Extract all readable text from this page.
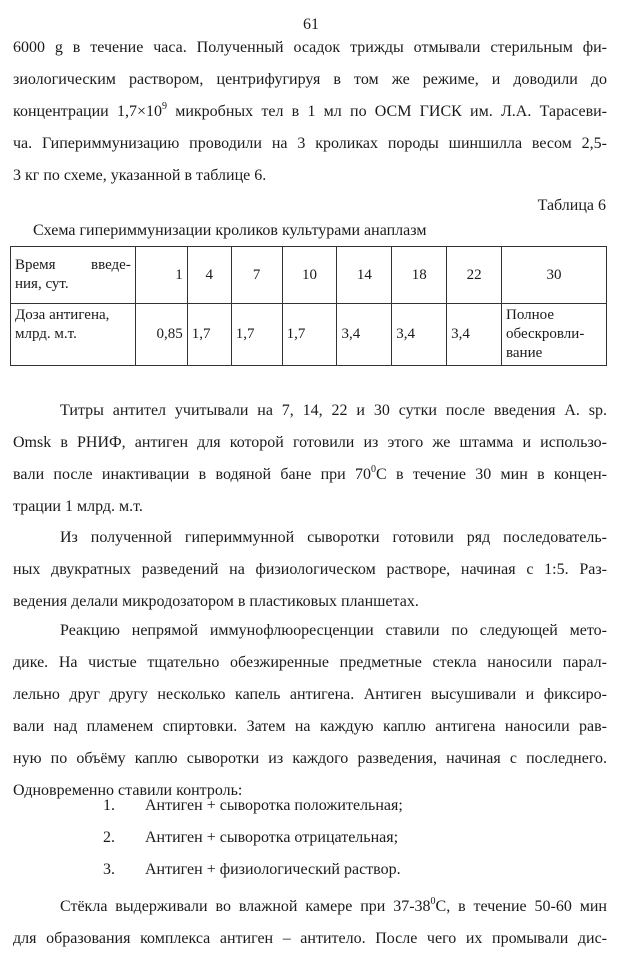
61

6000 g в течение часа. Полученный осадок трижды отмывали стерильным фи-
зиологическим раствором, центрифугируя в том же режиме, и доводили до
концентрации $1,7\times 10^9$ микробных тел в 1 мл по ОСМ ГИСК им. Л.А. Тарасеви-
ча. Гипериммунизацию проводили на 3 кроликах породы шиншилла весом 2,5-
3 кг по схеме, указанной в таблице 6.

Таблица 6
Схема гипериммунизации кроликов культурами анаплазм
Время введе-
ния, сут.	1	4	7	10	14	18	22	30

Доза антигена,
млрд. м.т.	0,85	1,7	1,7	1,7	3,4	3,4	3,4	Полное
обескровли-
вание

Титры антител учитывали на 7, 14, 22 и 30 сутки после введения A. sp.
Omsk в РНИФ, антиген для которой готовили из этого же штамма и использо-
вали после инактивации в водяной бане при $70^0С$ в течение 30 мин в концен-
трации 1 млрд. м.т.

Из полученной гипериммунной сыворотки готовили ряд последователь-
ных двукратных разведений на физиологическом растворе, начиная с 1:5. Раз-
ведения делали микродозатором в пластиковых планшетах.

Реакцию непрямой иммунофлюоресценции ставили по следующей мето-
дике. На чистые тщательно обезжиренные предметные стекла наносили парал-
лельно друг другу несколько капель антигена. Антиген высушивали и фиксиро-
вали над пламенем спиртовки. Затем на каждую каплю антигена наносили рав-
ную по объёму каплю сыворотки из каждого разведения, начиная с последнего.
Одновременно ставили контроль:

1. Антиген + сыворотка положительная;
2. Антиген + сыворотка отрицательная;
3. Антиген + физиологический раствор.

Стёкла выдерживали во влажной камере при $37-38^0С$, в течение 50-60 мин
для образования комплекса антиген – антитело. После чего их промывали дис-
